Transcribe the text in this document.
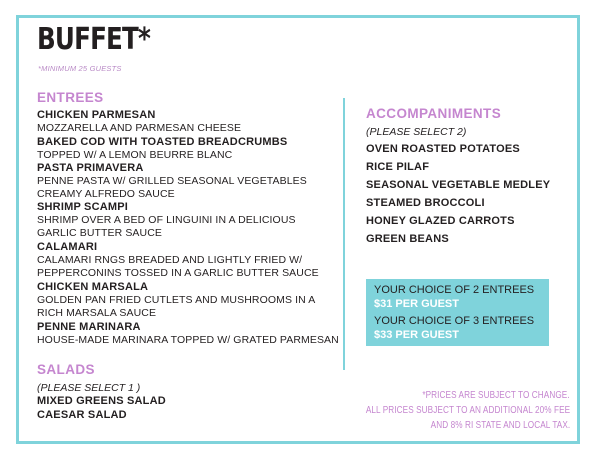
BUFFET*
*MINIMUM 25 GUESTS
ENTREES
CHICKEN PARMESAN
MOZZARELLA AND PARMESAN CHEESE
BAKED COD WITH TOASTED BREADCRUMBS
TOPPED W/ A LEMON BEURRE BLANC
PASTA PRIMAVERA
PENNE PASTA W/ GRILLED SEASONAL VEGETABLES
CREAMY ALFREDO SAUCE
SHRIMP SCAMPI
SHRIMP OVER A BED OF LINGUINI IN A DELICIOUS
GARLIC BUTTER SAUCE
CALAMARI
CALAMARI RNGS BREADED AND LIGHTLY FRIED W/
PEPPERCONINS TOSSED IN A GARLIC BUTTER SAUCE
CHICKEN MARSALA
GOLDEN PAN FRIED CUTLETS AND MUSHROOMS IN A
RICH MARSALA SAUCE
PENNE MARINARA
HOUSE-MADE MARINARA TOPPED W/ GRATED PARMESAN
ACCOMPANIMENTS
(PLEASE SELECT 2)
OVEN ROASTED POTATOES
RICE PILAF
SEASONAL VEGETABLE MEDLEY
STEAMED BROCCOLI
HONEY GLAZED CARROTS
GREEN BEANS
YOUR CHOICE OF 2 ENTREES
$31 PER GUEST
YOUR CHOICE OF 3 ENTREES
$33 PER GUEST
SALADS
(PLEASE SELECT 1 )
MIXED GREENS SALAD
CAESAR SALAD
*PRICES ARE SUBJECT TO CHANGE.
ALL PRICES SUBJECT TO AN ADDITIONAL 20% FEE
AND 8% RI STATE AND LOCAL TAX.
